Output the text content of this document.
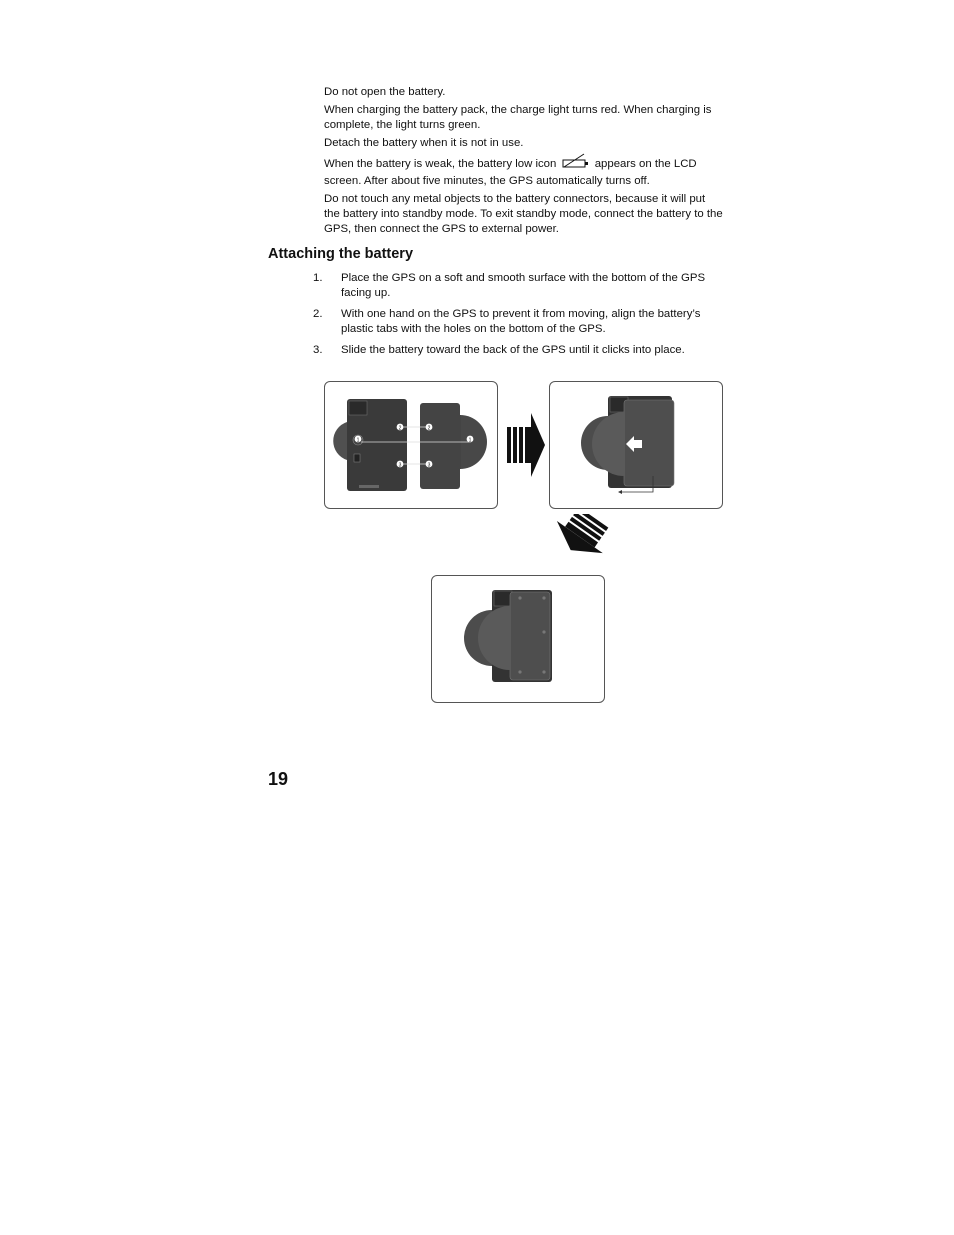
Do not open the battery.

When charging the battery pack, the charge light turns red. When charging is complete, the light turns green.

Detach the battery when it is not in use.

When the battery is weak, the battery low icon	appears on the LCD screen. After about five minutes, the GPS automatically turns off.

Do not touch any metal objects to the battery connectors, because it will put the battery into standby mode. To exit standby mode, connect the battery to the GPS, then connect the GPS to external power.

Attaching the battery
1. Place the GPS on a soft and smooth surface with the bottom of the GPS facing up.
2. With one hand on the GPS to prevent it from moving, align the battery’s plastic tabs with the holes on the bottom of the GPS.
3. Slide the battery toward the back of the GPS until it clicks into place.
1
2
3
1
2
3
19
